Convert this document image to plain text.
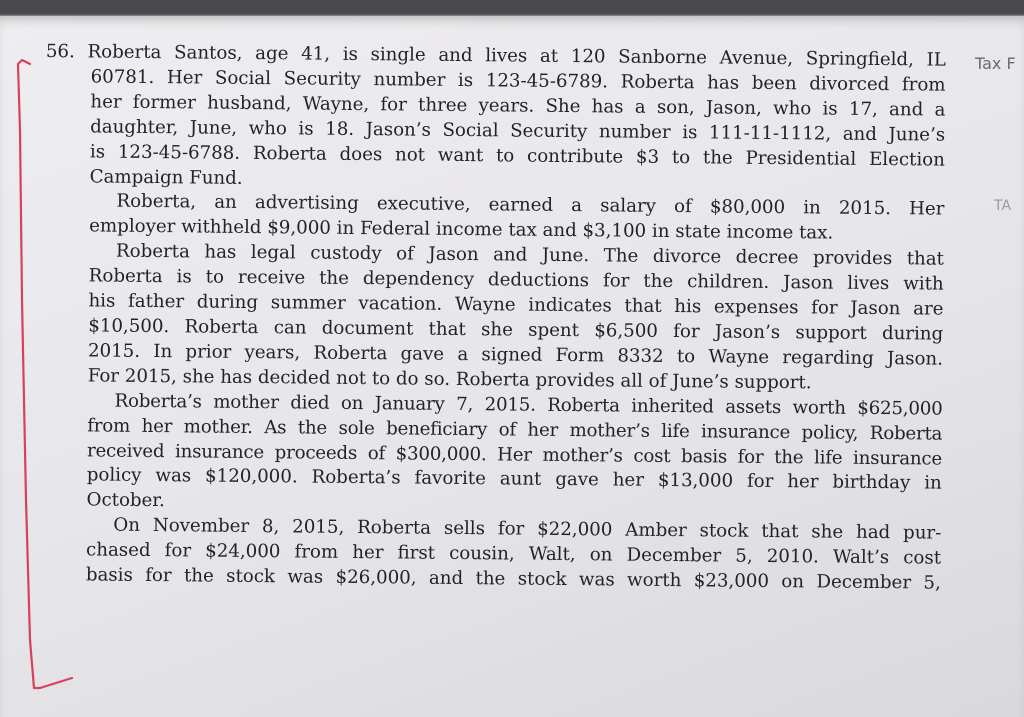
Tax F
TA
56. Roberta Santos, age 41, is single and lives at 120 Sanborne Avenue, Springfield, IL
60781. Her Social Security number is 123-45-6789. Roberta has been divorced from
her former husband, Wayne, for three years. She has a son, Jason, who is 17, and a
daughter, June, who is 18. Jason’s Social Security number is 111-11-1112, and June’s
is 123-45-6788. Roberta does not want to contribute $3 to the Presidential Election
Campaign Fund.
Roberta, an advertising executive, earned a salary of $80,000 in 2015. Her
employer withheld $9,000 in Federal income tax and $3,100 in state income tax.
Roberta has legal custody of Jason and June. The divorce decree provides that
Roberta is to receive the dependency deductions for the children. Jason lives with
his father during summer vacation. Wayne indicates that his expenses for Jason are
$10,500. Roberta can document that she spent $6,500 for Jason’s support during
2015. In prior years, Roberta gave a signed Form 8332 to Wayne regarding Jason.
For 2015, she has decided not to do so. Roberta provides all of June’s support.
Roberta’s mother died on January 7, 2015. Roberta inherited assets worth $625,000
from her mother. As the sole beneficiary of her mother’s life insurance policy, Roberta
received insurance proceeds of $300,000. Her mother’s cost basis for the life insurance
policy was $120,000. Roberta’s favorite aunt gave her $13,000 for her birthday in
October.
On November 8, 2015, Roberta sells for $22,000 Amber stock that she had pur-
chased for $24,000 from her first cousin, Walt, on December 5, 2010. Walt’s cost
basis for the stock was $26,000, and the stock was worth $23,000 on December 5,
